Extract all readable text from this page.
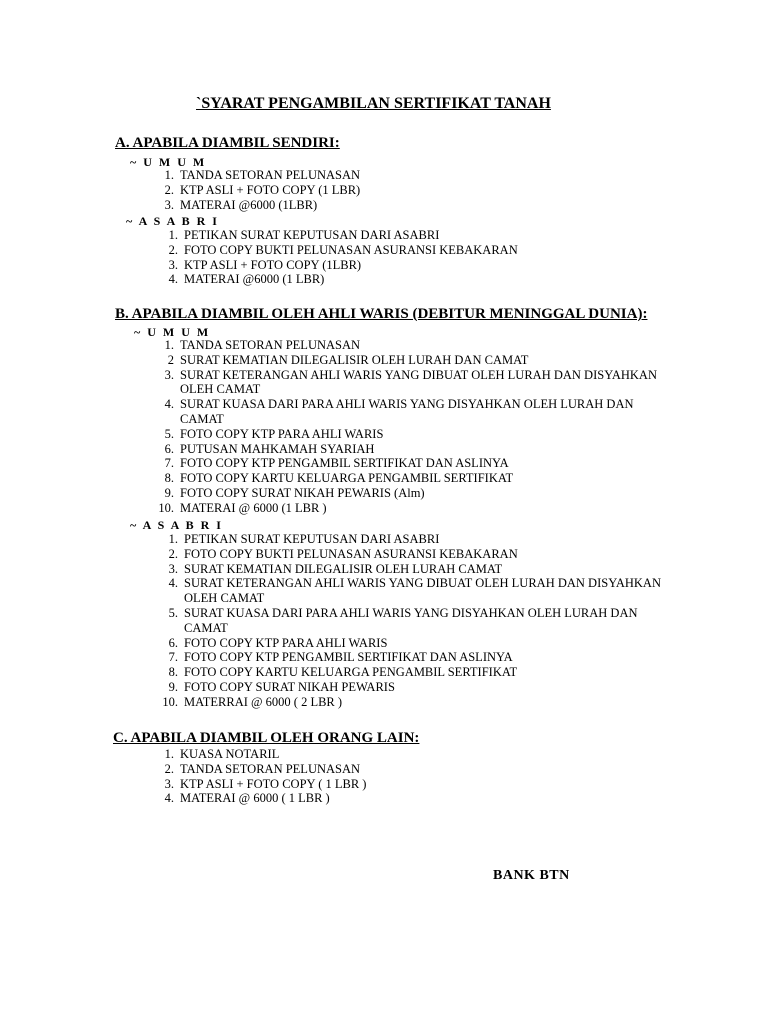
`SYARAT PENGAMBILAN SERTIFIKAT TANAH
A. APABILA DIAMBIL SENDIRI:
~ U M U M
1. TANDA SETORAN PELUNASAN
2. KTP ASLI + FOTO COPY (1 LBR)
3. MATERAI @6000 (1LBR)
~ A S A B R I
1. PETIKAN SURAT KEPUTUSAN DARI ASABRI
2. FOTO COPY BUKTI PELUNASAN ASURANSI KEBAKARAN
3. KTP ASLI + FOTO COPY (1LBR)
4. MATERAI @6000 (1 LBR)
B. APABILA DIAMBIL OLEH AHLI WARIS (DEBITUR MENINGGAL DUNIA):
~ U M U M
1. TANDA SETORAN PELUNASAN
2 SURAT KEMATIAN DILEGALISIR OLEH LURAH DAN CAMAT
3. SURAT KETERANGAN AHLI WARIS YANG DIBUAT OLEH LURAH DAN DISYAHKAN OLEH CAMAT
4. SURAT KUASA DARI PARA AHLI WARIS YANG DISYAHKAN OLEH LURAH DAN CAMAT
5. FOTO COPY KTP PARA AHLI WARIS
6. PUTUSAN MAHKAMAH SYARIAH
7. FOTO COPY KTP PENGAMBIL SERTIFIKAT DAN ASLINYA
8. FOTO COPY KARTU KELUARGA PENGAMBIL SERTIFIKAT
9. FOTO COPY SURAT NIKAH PEWARIS (Alm)
10. MATERAI @ 6000 (1 LBR )
~ A S A B R I
1. PETIKAN SURAT KEPUTUSAN DARI ASABRI
2. FOTO COPY BUKTI PELUNASAN ASURANSI KEBAKARAN
3. SURAT KEMATIAN DILEGALISIR OLEH LURAH CAMAT
4. SURAT KETERANGAN AHLI WARIS YANG DIBUAT OLEH LURAH DAN DISYAHKAN OLEH CAMAT
5. SURAT KUASA DARI PARA AHLI WARIS YANG DISYAHKAN OLEH LURAH DAN CAMAT
6. FOTO COPY KTP PARA AHLI WARIS
7. FOTO COPY KTP PENGAMBIL SERTIFIKAT DAN ASLINYA
8. FOTO COPY KARTU KELUARGA PENGAMBIL SERTIFIKAT
9. FOTO COPY SURAT NIKAH PEWARIS
10. MATERRAI @ 6000 ( 2 LBR )
C. APABILA DIAMBIL OLEH ORANG LAIN:
1. KUASA NOTARIL
2. TANDA SETORAN PELUNASAN
3. KTP ASLI + FOTO COPY ( 1 LBR )
4. MATERAI @ 6000 ( 1 LBR )
BANK BTN
